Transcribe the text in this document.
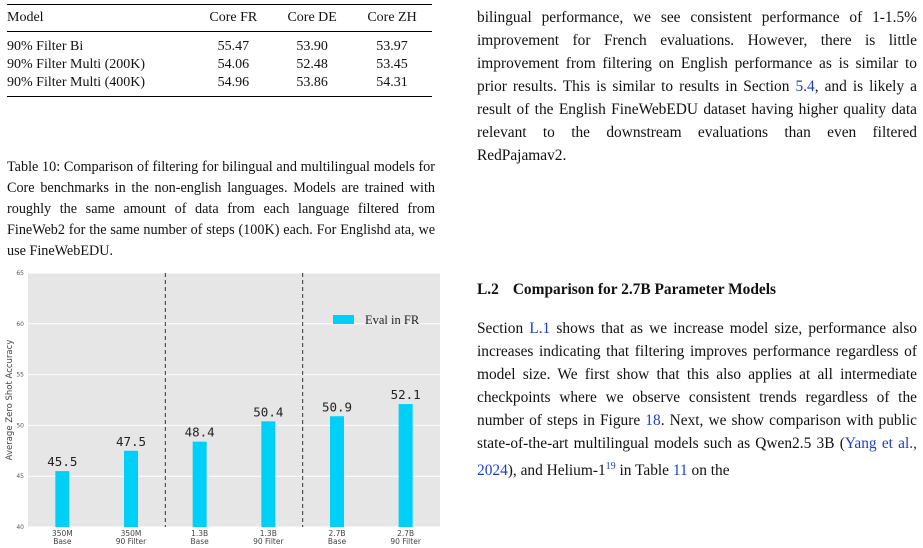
Model	Core FR	Core DE	Core ZH
90% Filter Bi	55.47	53.90	53.97
90% Filter Multi (200K)	54.06	52.48	53.45
90% Filter Multi (400K)	54.96	53.86	54.31

Table 10: Comparison of filtering for bilingual and multilingual models for Core benchmarks in the non-english languages. Models are trained with roughly the same amount of data from each language filtered from FineWeb2 for the same number of steps (100K) each. For Englishd ata, we use FineWebEDU.

40
45
50
55
60
65
Average Zero Shot Accuracy
45.5
350M
Base
47.5
350M
90 Filter
48.4
1.3B
Base
50.4
1.3B
90 Filter
50.9
2.7B
Base
52.1
2.7B
90 Filter
Eval in FR

bilingual performance, we see consistent performance of 1-1.5% improvement for French evaluations. However, there is little improvement from filtering on English performance as is similar to prior results. This is similar to results in Section 5.4, and is likely a result of the English FineWebEDU dataset having higher quality data relevant to the downstream evaluations than even filtered RedPajamav2.

L.2 Comparison for 2.7B Parameter Models

Section L.1 shows that as we increase model size, performance also increases indicating that filtering improves performance regardless of model size. We first show that this also applies at all intermediate checkpoints where we observe consistent trends regardless of the number of steps in Figure 18. Next, we show comparison with public state-of-the-art multilingual models such as Qwen2.5 3B (Yang et al., 2024), and Helium-$1^{19}$ in Table 11 on the
